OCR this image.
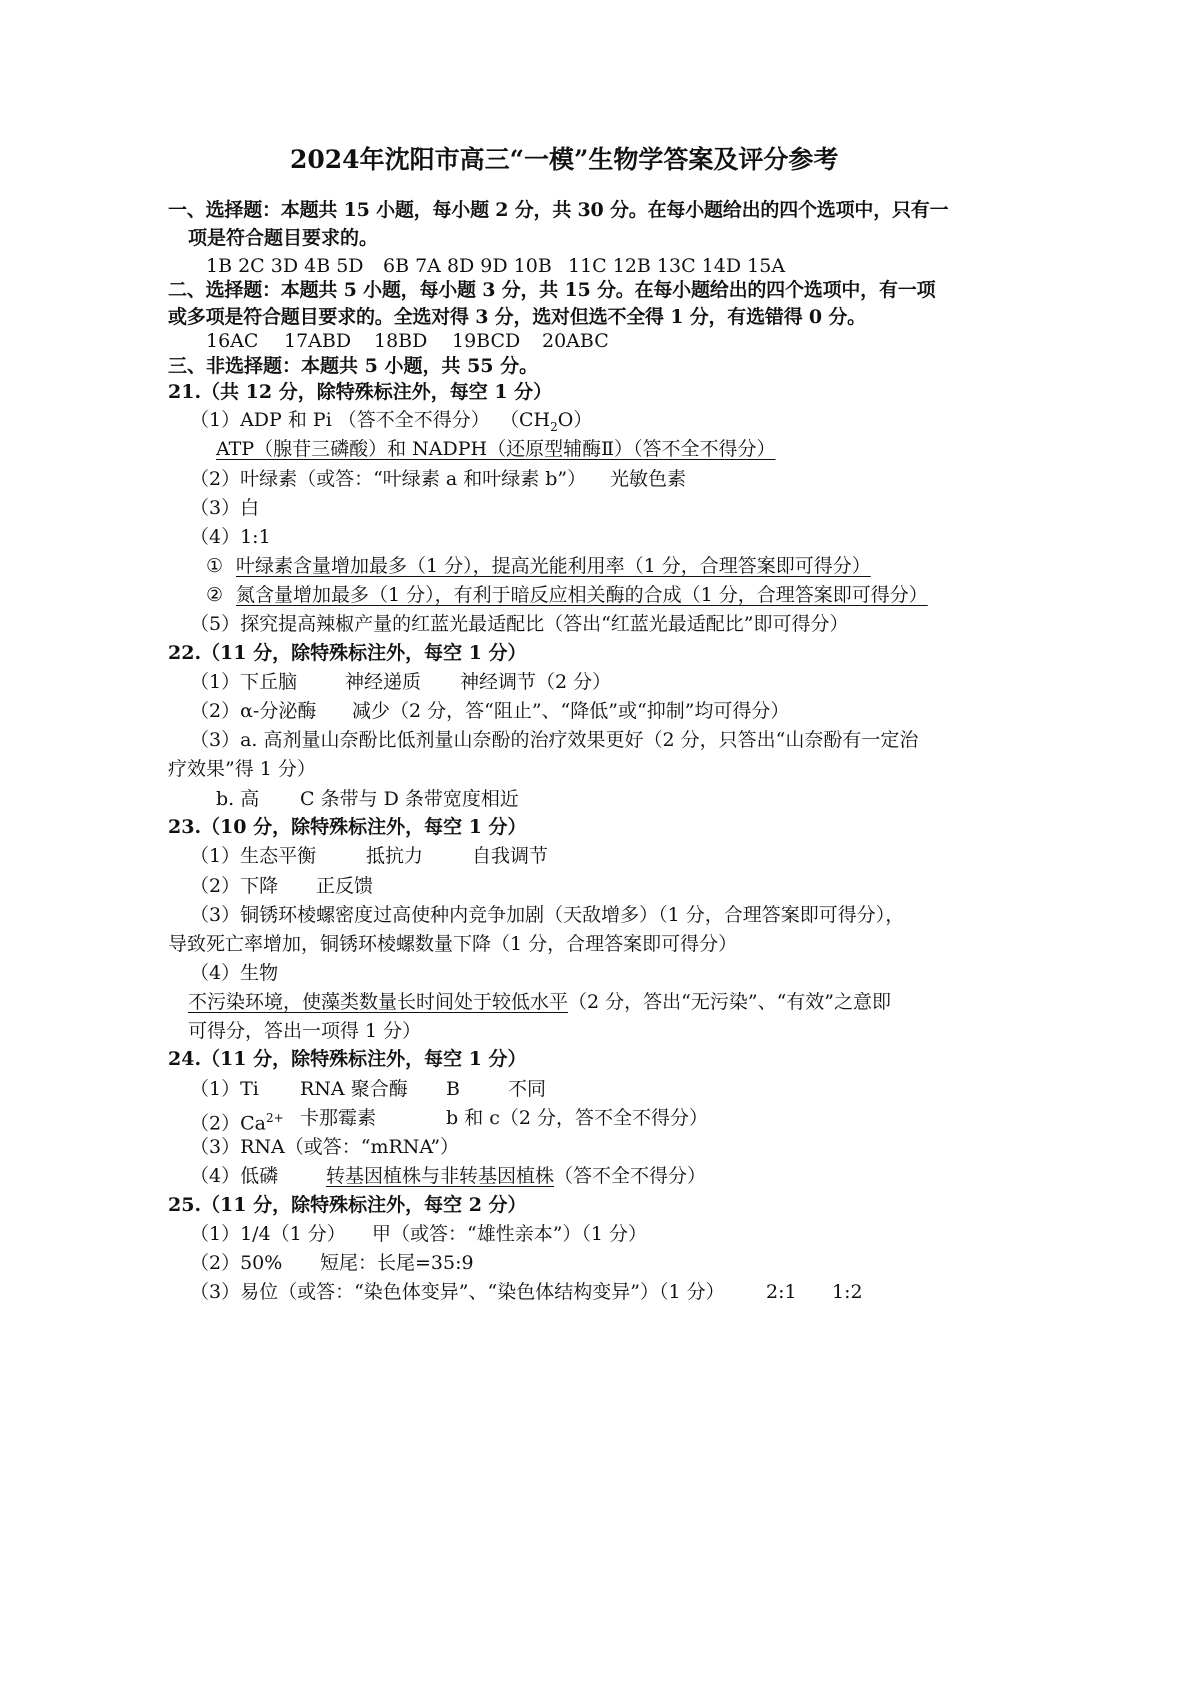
2024年沈阳市高三“一模”生物学答案及评分参考
一、选择题：本题共 15 小题，每小题 2 分，共 30 分。在每小题给出的四个选项中，只有一
项是符合题目要求的。
1B 2C 3D 4B 5D 6B 7A 8D 9D 10B 11C 12B 13C 14D 15A
二、选择题：本题共 5 小题，每小题 3 分，共 15 分。在每小题给出的四个选项中，有一项
或多项是符合题目要求的。全选对得 3 分，选对但选不全得 1 分，有选错得 0 分。
16AC 17ABD 18BD 19BCD 20ABC
三、非选择题：本题共 5 小题，共 55 分。
21.（共 12 分，除特殊标注外，每空 1 分）
（1）ADP 和 Pi （答不全不得分） $(CH_2O)$
ATP（腺苷三磷酸）和 NADPH（还原型辅酶Ⅱ）（答不全不得分）
（2）叶绿素（或答：“叶绿素 a 和叶绿素 b”） 光敏色素
（3）白
（4）1:1
① 叶绿素含量增加最多（1 分），提高光能利用率（1 分，合理答案即可得分）
② 氮含量增加最多（1 分），有利于暗反应相关酶的合成（1 分，合理答案即可得分）
（5）探究提高辣椒产量的红蓝光最适配比（答出“红蓝光最适配比”即可得分）
22.（11 分，除特殊标注外，每空 1 分）
（1）下丘脑	神经递质 神经调节（2 分）
（2）α-分泌酶 减少（2 分，答“阻止”、“降低”或“抑制”均可得分）
（3）a. 高剂量山奈酚比低剂量山奈酚的治疗效果更好（2 分，只答出“山奈酚有一定治
疗效果”得 1 分）
b. 高 C 条带与 D 条带宽度相近
23.（10 分，除特殊标注外，每空 1 分）
（1）生态平衡	抵抗力	自我调节
（2）下降 正反馈
（3）铜锈环棱螺密度过高使种内竞争加剧（天敌增多）（1 分，合理答案即可得分），
导致死亡率增加，铜锈环棱螺数量下降（1 分，合理答案即可得分）
（4）生物
不污染环境，使藻类数量长时间处于较低水平（2 分，答出“无污染”、“有效”之意即
可得分，答出一项得 1 分）
24.（11 分，除特殊标注外，每空 1 分）
（1）Ti RNA 聚合酶 B	不同
$(2)Ca^{2+}$ 卡那霉素	b 和 c（2 分，答不全不得分）
（3）RNA（或答：“mRNA”）
（4）低磷	转基因植株与非转基因植株（答不全不得分）
25.（11 分，除特殊标注外，每空 2 分）
（1）1/4（1 分） 甲（或答：“雄性亲本”）（1 分）
（2）50% 短尾：长尾=35:9
（3）易位（或答：“染色体变异”、“染色体结构变异”）（1 分） 2:1 1:2
